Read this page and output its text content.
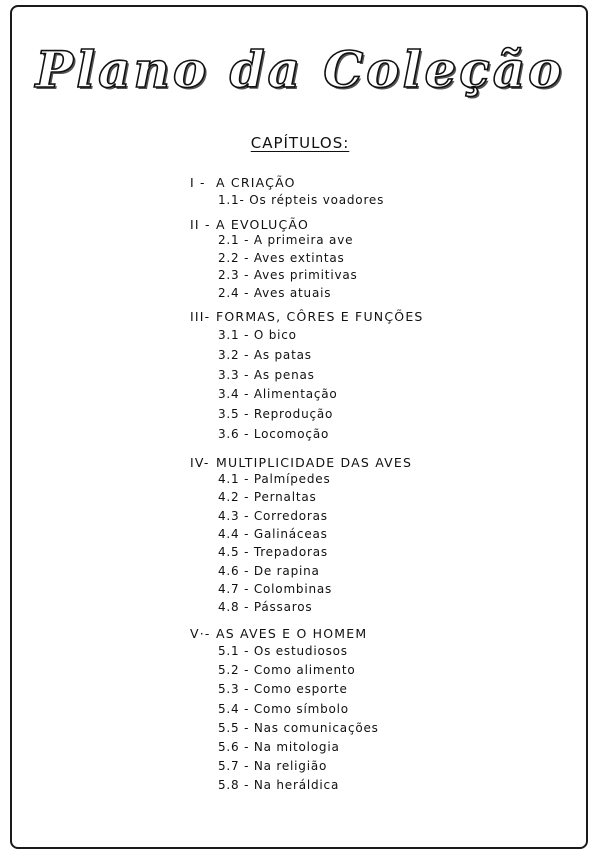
Plano da Coleção
CAPÍTULOS:
I - A CRIAÇÃO
1.1- Os répteis voadores
II - A EVOLUÇÃO
2.1 - A primeira ave
2.2 - Aves extintas
2.3 - Aves primitivas
2.4 - Aves atuais
III- FORMAS, CÔRES E FUNÇÕES
3.1 - O bico
3.2 - As patas
3.3 - As penas
3.4 - Alimentação
3.5 - Reprodução
3.6 - Locomoção
IV- MULTIPLICIDADE DAS AVES
4.1 - Palmípedes
4.2 - Pernaltas
4.3 - Corredoras
4.4 - Galináceas
4.5 - Trepadoras
4.6 - De rapina
4.7 - Colombinas
4.8 - Pássaros
V·- AS AVES E O HOMEM
5.1 - Os estudiosos
5.2 - Como alimento
5.3 - Como esporte
5.4 - Como símbolo
5.5 - Nas comunicações
5.6 - Na mitologia
5.7 - Na religião
5.8 - Na heráldica
